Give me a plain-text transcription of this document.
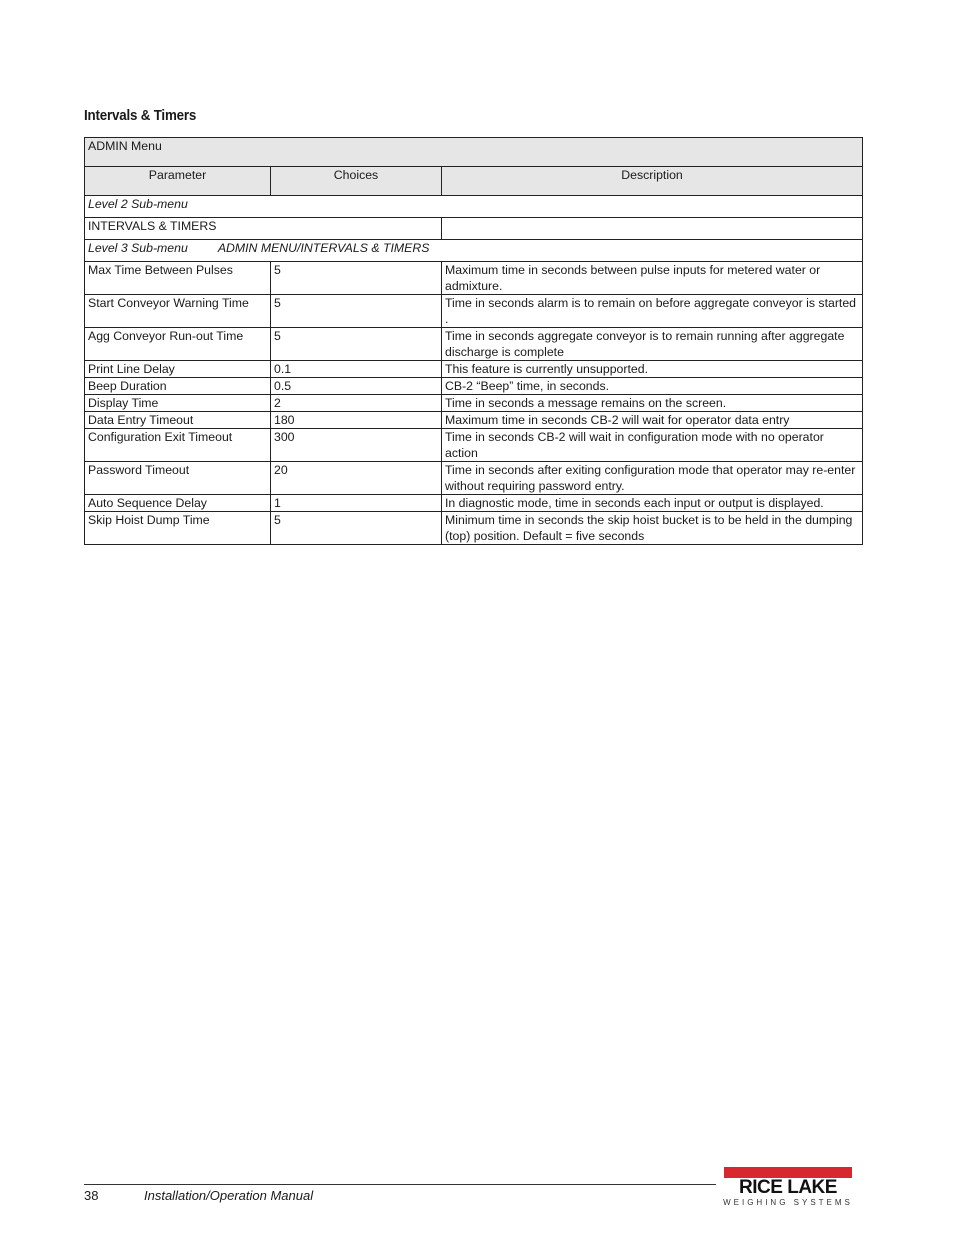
Intervals & Timers
ADMIN Menu		
Parameter	Choices	Description
Level 2 Sub-menu		
INTERVALS & TIMERS		
Level 3 Sub-menu ADMIN MENU/INTERVALS & TIMERS		
Max Time Between Pulses	5	Maximum time in seconds between pulse inputs for metered water or admixture.
Start Conveyor Warning Time	5	Time in seconds alarm is to remain on before aggregate conveyor is started .
Agg Conveyor Run-out Time	5	Time in seconds aggregate conveyor is to remain running after aggregate discharge is complete
Print Line Delay	0.1	This feature is currently unsupported.
Beep Duration	0.5	CB-2 “Beep” time, in seconds.
Display Time	2	Time in seconds a message remains on the screen.
Data Entry Timeout	180	Maximum time in seconds CB-2 will wait for operator data entry
Configuration Exit Timeout	300	Time in seconds CB-2 will wait in configuration mode with no operator action
Password Timeout	20	Time in seconds after exiting configuration mode that operator may re-enter without requiring password entry.
Auto Sequence Delay	1	In diagnostic mode, time in seconds each input or output is displayed.
Skip Hoist Dump Time	5	Minimum time in seconds the skip hoist bucket is to be held in the dumping (top) position. Default = five seconds
38	Installation/Operation Manual	RICE LAKE
WEIGHING SYSTEMS
